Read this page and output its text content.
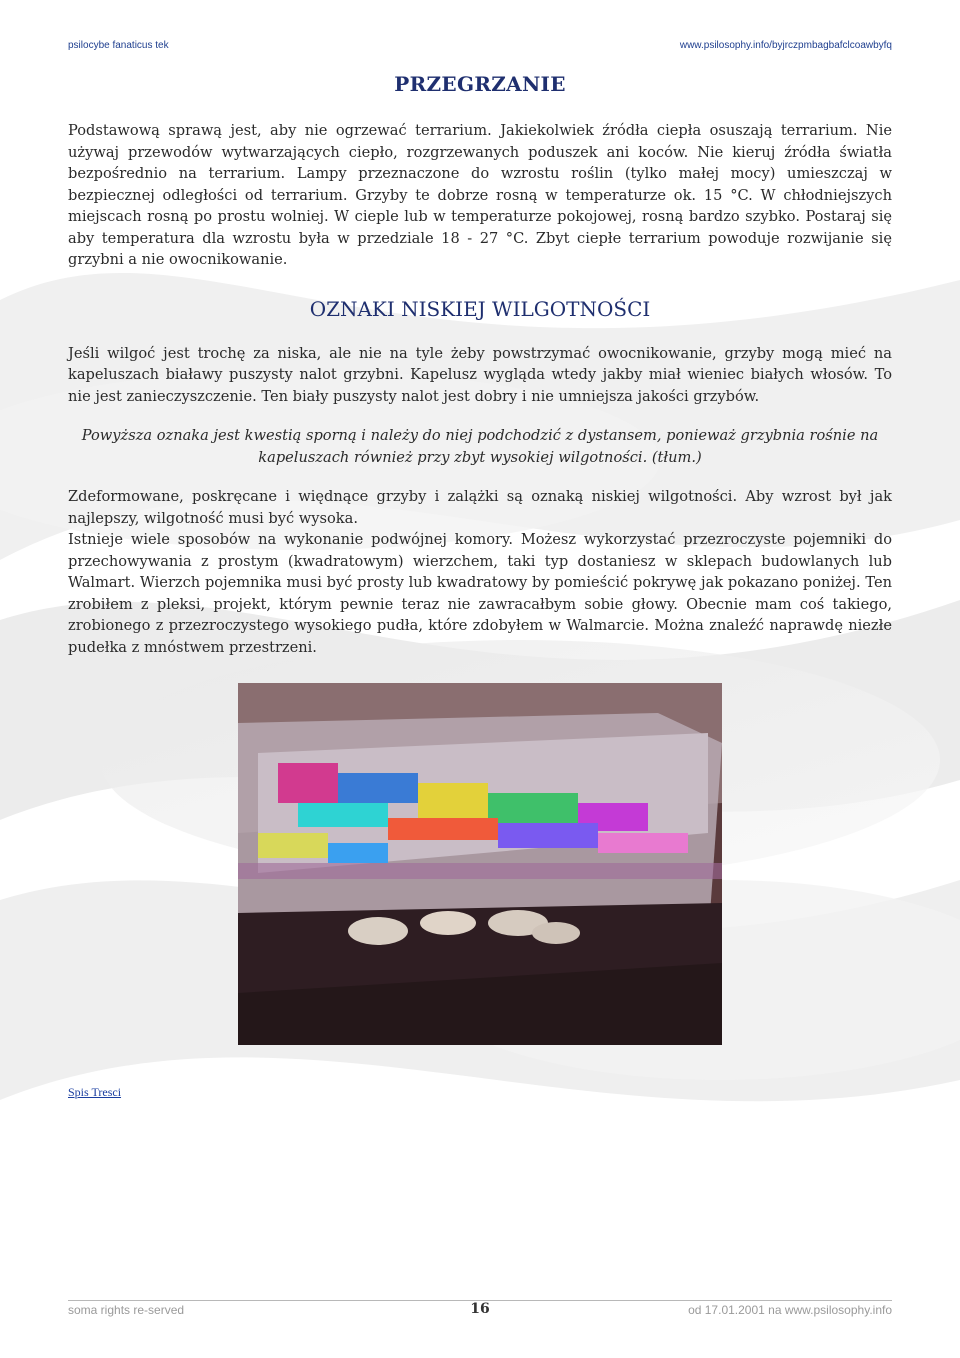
psilocybe fanaticus tek	www.psilosophy.info/byjrczpmbagbafclcoawbyfq
PRZEGRZANIE

Podstawową sprawą jest, aby nie ogrzewać terrarium. Jakiekolwiek źródła ciepła osuszają terrarium. Nie używaj przewodów wytwarzających ciepło, rozgrzewanych poduszek ani koców. Nie kieruj źródła światła bezpośrednio na terrarium. Lampy przeznaczone do wzrostu roślin (tylko małej mocy) umieszczaj w bezpiecznej odległości od terrarium. Grzyby te dobrze rosną w temperaturze ok. 15 °C. W chłodniejszych miejscach rosną po prostu wolniej. W cieple lub w temperaturze pokojowej, rosną bardzo szybko. Postaraj się aby temperatura dla wzrostu była w przedziale 18 - 27 °C. Zbyt ciepłe terrarium powoduje rozwijanie się grzybni a nie owocnikowanie.

OZNAKI NISKIEJ WILGOTNOŚCI

Jeśli wilgoć jest trochę za niska, ale nie na tyle żeby powstrzymać owocnikowanie, grzyby mogą mieć na kapeluszach białawy puszysty nalot grzybni. Kapelusz wygląda wtedy jakby miał wieniec białych włosów. To nie jest zanieczyszczenie. Ten biały puszysty nalot jest dobry i nie umniejsza jakości grzybów.

Powyższa oznaka jest kwestią sporną i należy do niej podchodzić z dystansem, ponieważ grzybnia rośnie na kapeluszach również przy zbyt wysokiej wilgotności. (tłum.)

Zdeformowane, poskręcane i więdnące grzyby i zalążki są oznaką niskiej wilgotności. Aby wzrost był jak najlepszy, wilgotność musi być wysoka.

Istnieje wiele sposobów na wykonanie podwójnej komory. Możesz wykorzystać przezroczyste pojemniki do przechowywania z prostym (kwadratowym) wierzchem, taki typ dostaniesz w sklepach budowlanych lub Walmart. Wierzch pojemnika musi być prosty lub kwadratowy by pomieścić pokrywę jak pokazano poniżej. Ten zrobiłem z pleksi, projekt, którym pewnie teraz nie zawracałbym sobie głowy. Obecnie mam coś takiego, zrobionego z przezroczystego wysokiego pudła, które zdobyłem w Walmarcie. Można znaleźć naprawdę niezłe pudełka z mnóstwem przestrzeni.

Spis Tresci
soma rights re-served	16	od 17.01.2001 na www.psilosophy.info
